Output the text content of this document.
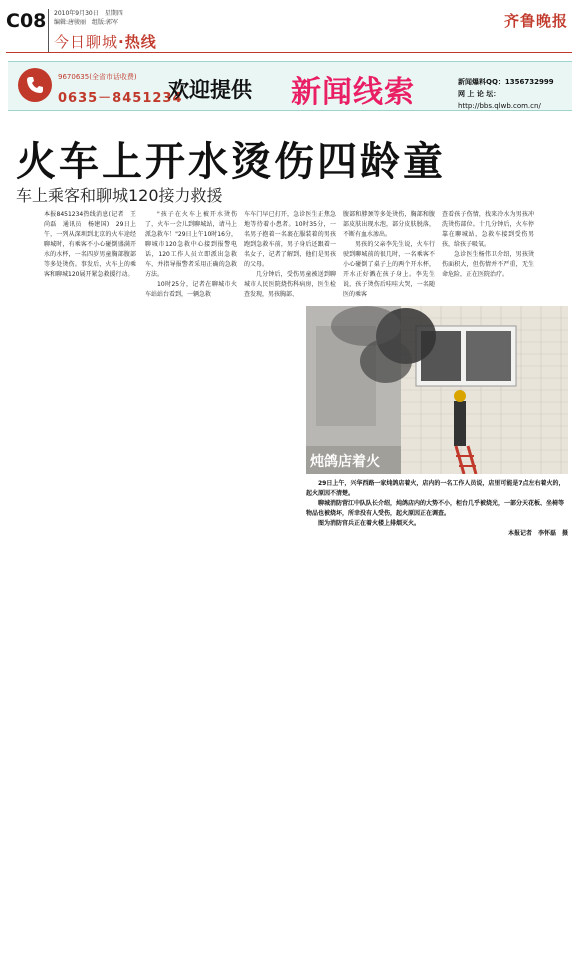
C08 2010年9月30日　星期四
编辑:唐骏丽　组版:郭军
今日聊城·热线
齐鲁晚报
9670635(全省市话收费)
0635－8451234
欢迎提供 新闻线索	新闻爆料QQ：1356732999
网 上 论 坛：http://bbs.qlwb.com.cn/
火车上开水烫伤四龄童
车上乘客和聊城120接力救援

本报8451234热线消息(记者　王尚磊　通讯员　杨建国)　29日上午，一列从深圳到北京的火车途经聊城时，有乘客不小心碰倒盛满开水的水杯，一名四岁男童胸部腹部等多处烫伤。事发后，火车上的乘客和聊城120展开紧急救援行动。

"孩子在火车上被开水烫伤了，火车一会儿到聊城站，请马上派急救车！"29日上午10时16分，聊城市120急救中心接到报警电话，120工作人员立即派出急救车，并指导报警者采用正确的急救方法。

10时25分，记者在聊城市火车站站台看到，一辆急救

车车门早已打开，急诊医生正焦急地等待着小患者。10时35分，一名男子抱着一名裹在服装着的男孩跑到急救车前，男子身后还跟着一名女子，记者了解到，他们是男孩的父母。

几分钟后，受伤男童被送到聊城市人民医院烧伤科病房，医生检查发现，男孩胸部、

腹部和脖颈等多处烫伤，胸部和腹部皮肤出现水泡，部分皮肤脱落，不断有血水渗出。

男孩的父亲李先生说，火车行驶到聊城前的很几时，一名乘客不小心碰倒了桌子上的两个开水杯，开水正好溅在孩子身上。李先生说，孩子烫伤后哇哇大哭，一名随医的乘客

查看孩子伤情，找来冷水为男孩冲洗烫伤部位。十几分钟后，火车停靠在聊城站，急救车接到受伤男孩，给孩子吸氧。

急诊医生杨伟卫介绍，男孩烫伤面积大，但伤情并不严重，无生命危险，正在医院治疗。

炖鸽店着火

29日上午，兴华西路一家炖鸽店着火，店内的一名工作人员说，店里可能是7点左右着火的，起火原因不清楚。

聊城消防营江中队队长介绍，炖鸽店内的大势不小，柜台几乎被烧光，一部分天花板、坐椅等物品也被烧坏，所幸没有人受伤，起火原因正在调查。

图为消防官兵正在着火楼上排烟灭火。

本报记者　李怀磊　摄
